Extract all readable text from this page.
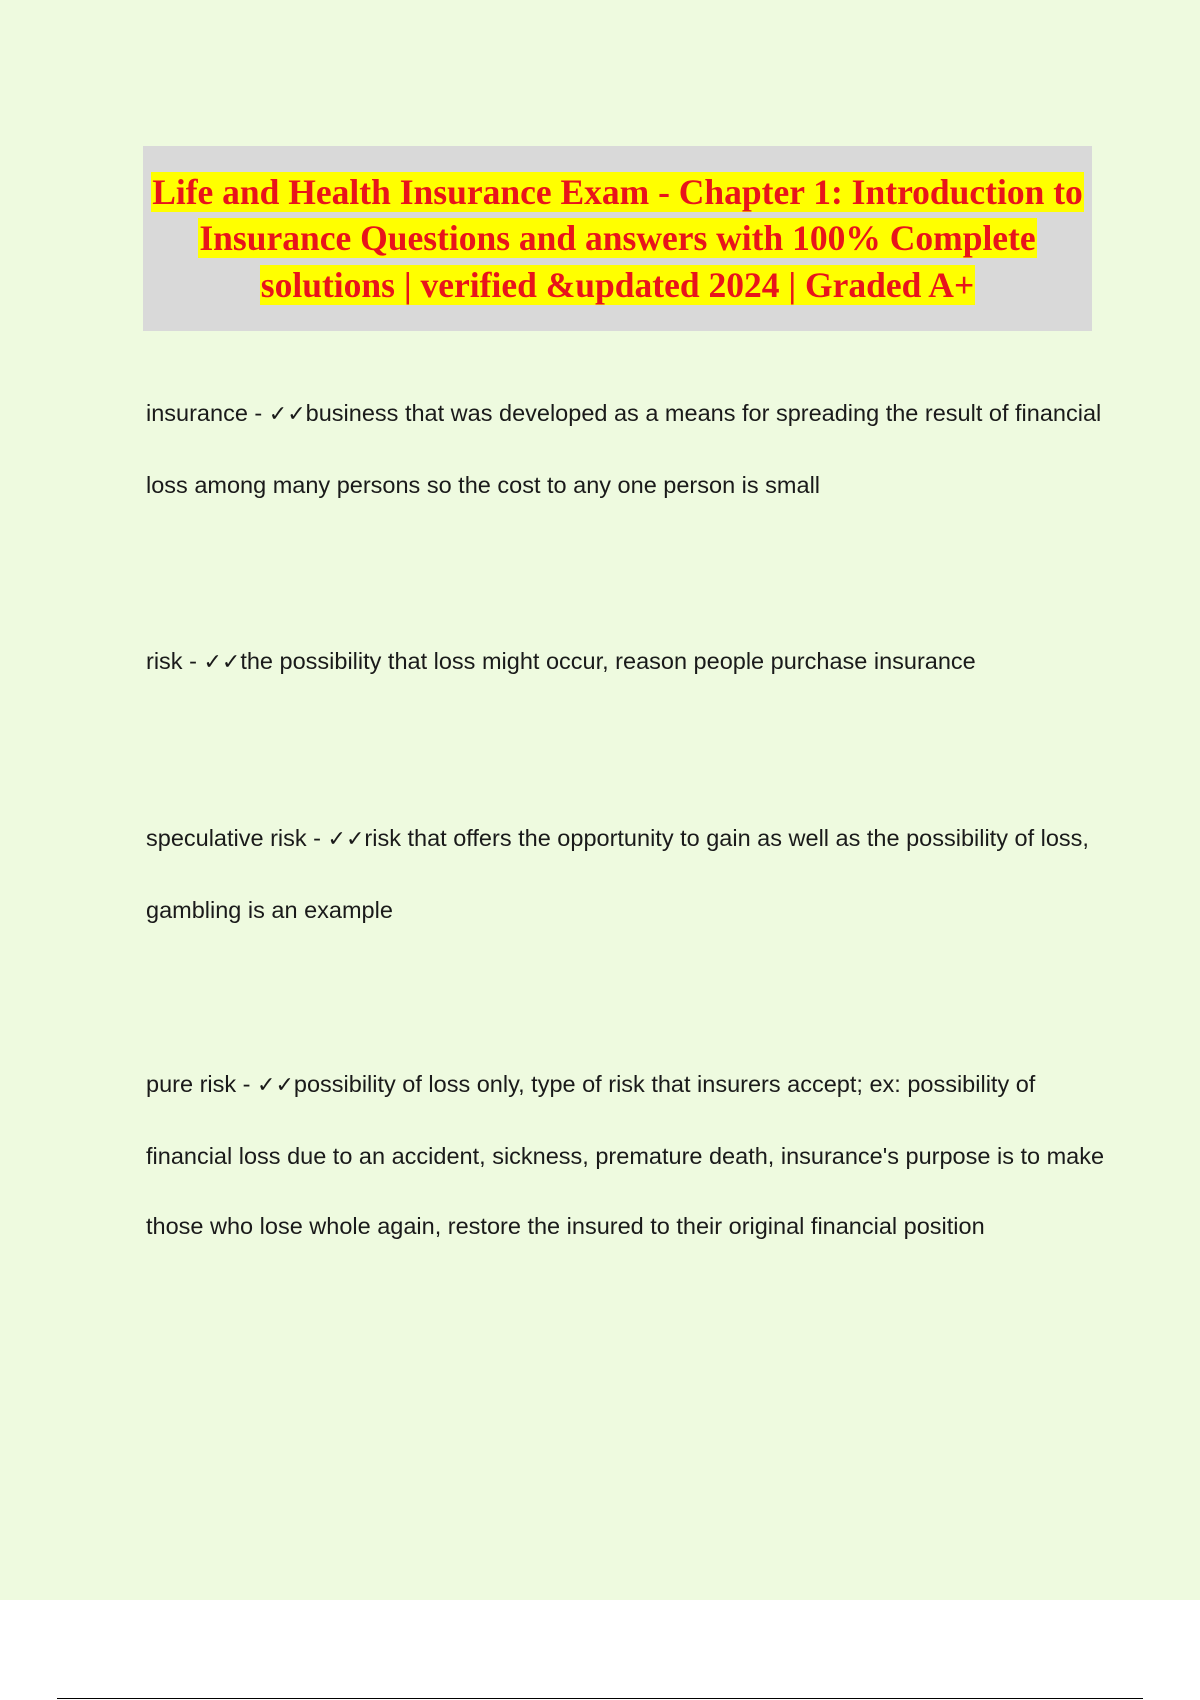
Life and Health Insurance Exam - Chapter 1: Introduction to Insurance Questions and answers with 100% Complete solutions | verified &updated 2024 | Graded A+
insurance - ✓✓business that was developed as a means for spreading the result of financial loss among many persons so the cost to any one person is small
risk - ✓✓the possibility that loss might occur, reason people purchase insurance
speculative risk - ✓✓risk that offers the opportunity to gain as well as the possibility of loss, gambling is an example
pure risk - ✓✓possibility of loss only, type of risk that insurers accept; ex: possibility of financial loss due to an accident, sickness, premature death, insurance's purpose is to make those who lose whole again, restore the insured to their original financial position
